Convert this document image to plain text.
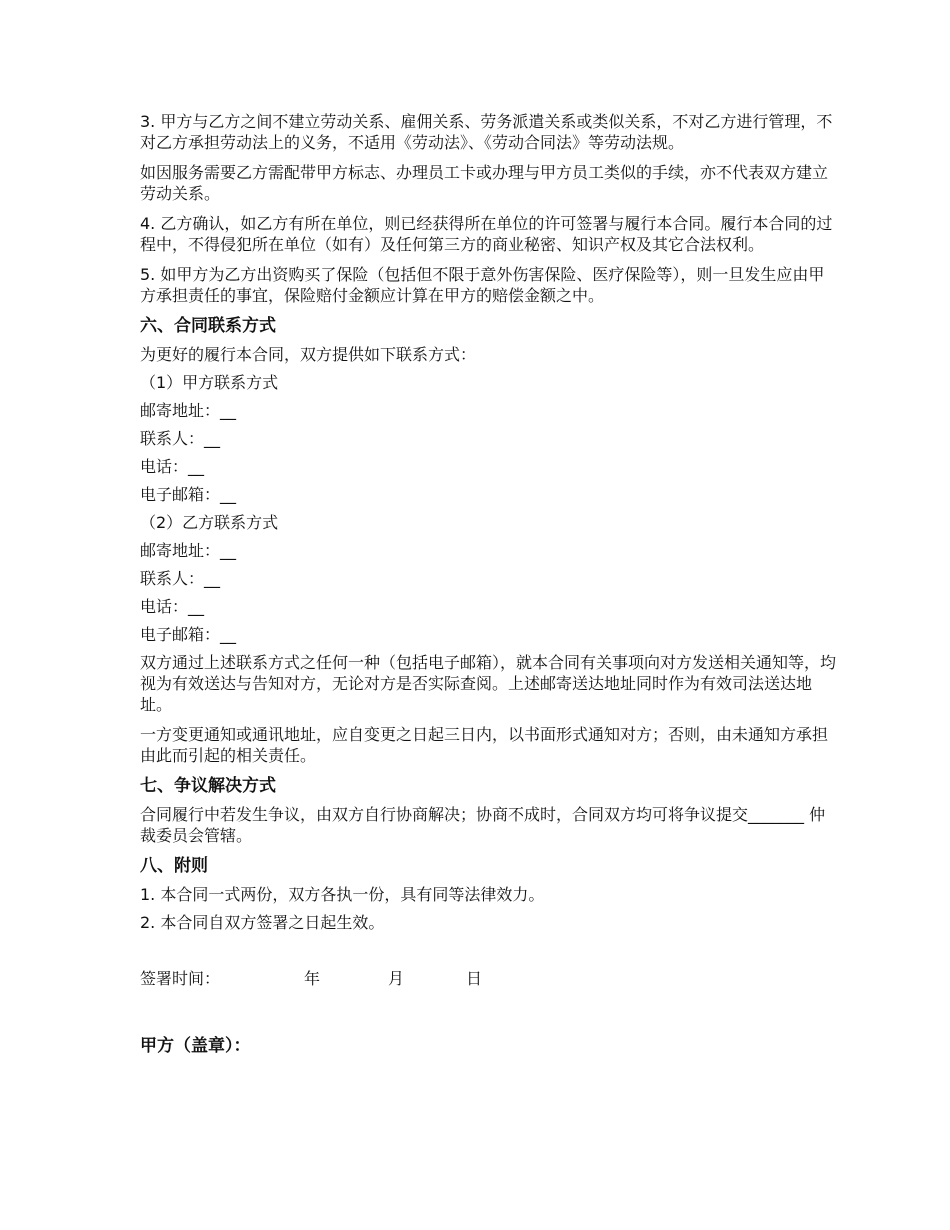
3. 甲方与乙方之间不建立劳动关系、雇佣关系、劳务派遣关系或类似关系，不对乙方进行管理，不对乙方承担劳动法上的义务，不适用《劳动法》、《劳动合同法》等劳动法规。

如因服务需要乙方需配带甲方标志、办理员工卡或办理与甲方员工类似的手续，亦不代表双方建立劳动关系。

4. 乙方确认，如乙方有所在单位，则已经获得所在单位的许可签署与履行本合同。履行本合同的过程中，不得侵犯所在单位（如有）及任何第三方的商业秘密、知识产权及其它合法权利。

5. 如甲方为乙方出资购买了保险（包括但不限于意外伤害保险、医疗保险等），则一旦发生应由甲方承担责任的事宜，保险赔付金额应计算在甲方的赔偿金额之中。

六、合同联系方式
为更好的履行本合同，双方提供如下联系方式：
（1）甲方联系方式
邮寄地址：__
联系人：__
电话：__
电子邮箱：__
（2）乙方联系方式
邮寄地址：__
联系人：__
电话：__
电子邮箱：__

双方通过上述联系方式之任何一种（包括电子邮箱），就本合同有关事项向对方发送相关通知等，均视为有效送达与告知对方，无论对方是否实际查阅。上述邮寄送达地址同时作为有效司法送达地址。

一方变更通知或通讯地址，应自变更之日起三日内，以书面形式通知对方；否则，由未通知方承担由此而引起的相关责任。

七、争议解决方式

合同履行中若发生争议，由双方自行协商解决；协商不成时，合同双方均可将争议提交_______ 仲裁委员会管辖。

八、附则
1. 本合同一式两份，双方各执一份，具有同等法律效力。
2. 本合同自双方签署之日起生效。
签署时间：	年	月	日
甲方（盖章）：
